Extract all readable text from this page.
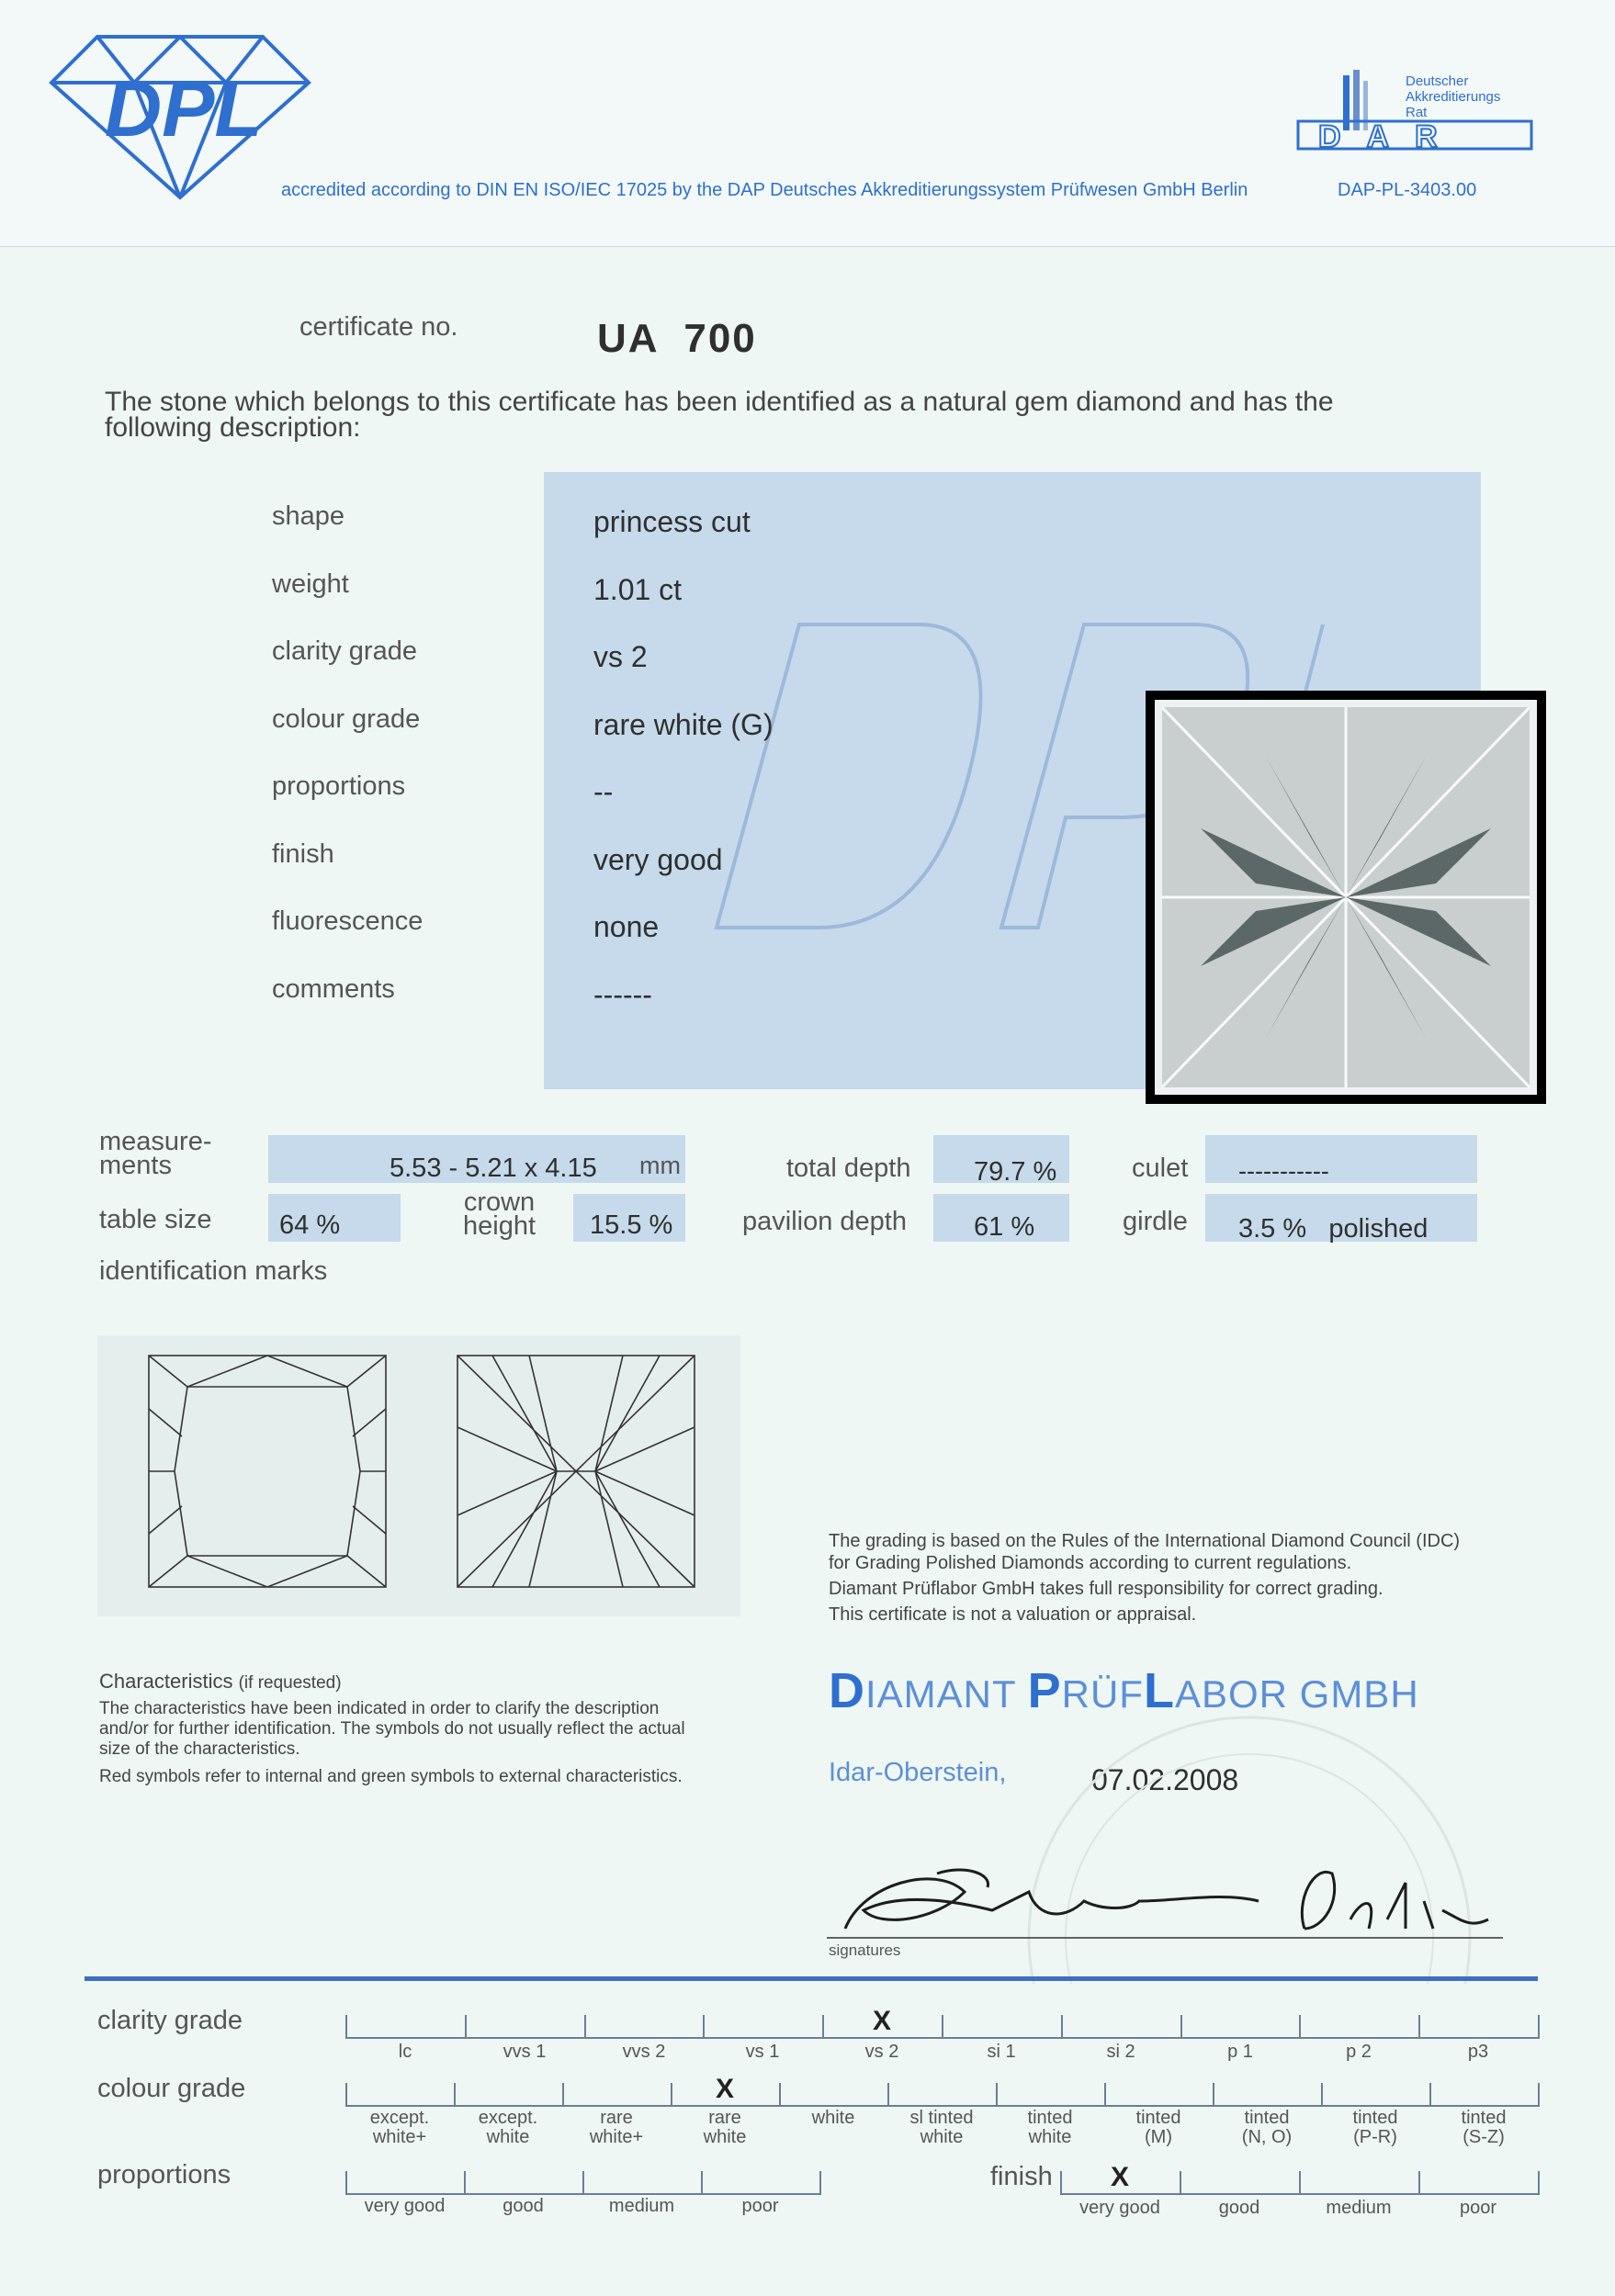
DPL
accredited according to DIN EN ISO/IEC 17025 by the DAP Deutsches Akkreditierungssystem Prüfwesen GmbH Berlin	DAP-PL-3403.00
DAR
Deutscher
Akkreditierungs
Rat
certificate no.	UA  700
The stone which belongs to this certificate has been identified as a natural gem diamond and has the following description:
shape	princess cut
weight	1.01 ct
clarity grade	vs 2
colour grade	rare white (G)
proportions	--
finish	very good
fluorescence	none
comments	------
measure-
ments	5.53 - 5.21 x 4.15 mm	total depth 79.7 %	culet -----------
table size	64 %
crown
height 15.5 %	pavilion depth	61 %	girdle 3.5 %   polished
identification marks
The grading is based on the Rules of the International Diamond Council (IDC)
for Grading Polished Diamonds according to current regulations.
Diamant Prüflabor GmbH takes full responsibility for correct grading.
This certificate is not a valuation or appraisal.
Characteristics (if requested)
The characteristics have been indicated in order to clarify the description
and/or for further identification. The symbols do not usually reflect the actual
size of the characteristics.
Red symbols refer to internal and green symbols to external characteristics.
DIAMANT PRÜFLABOR GMBH
Idar-Oberstein,	07.02.2008
signatures
clarity grade
colour grade
proportions	finish
lc	vvs 1	vvs 2	vs 1	vs 2
X
si 1	si 2	p 1	p 2	p3
except.
white+
except.
white
rare
white+
rare
white
X
white	sl tinted
white
tinted
white
tinted
(M)
tinted
(N, O)
tinted
(P-R)
tinted
(S-Z)
very good	good	medium	poor	very good
X
good	medium	poor
